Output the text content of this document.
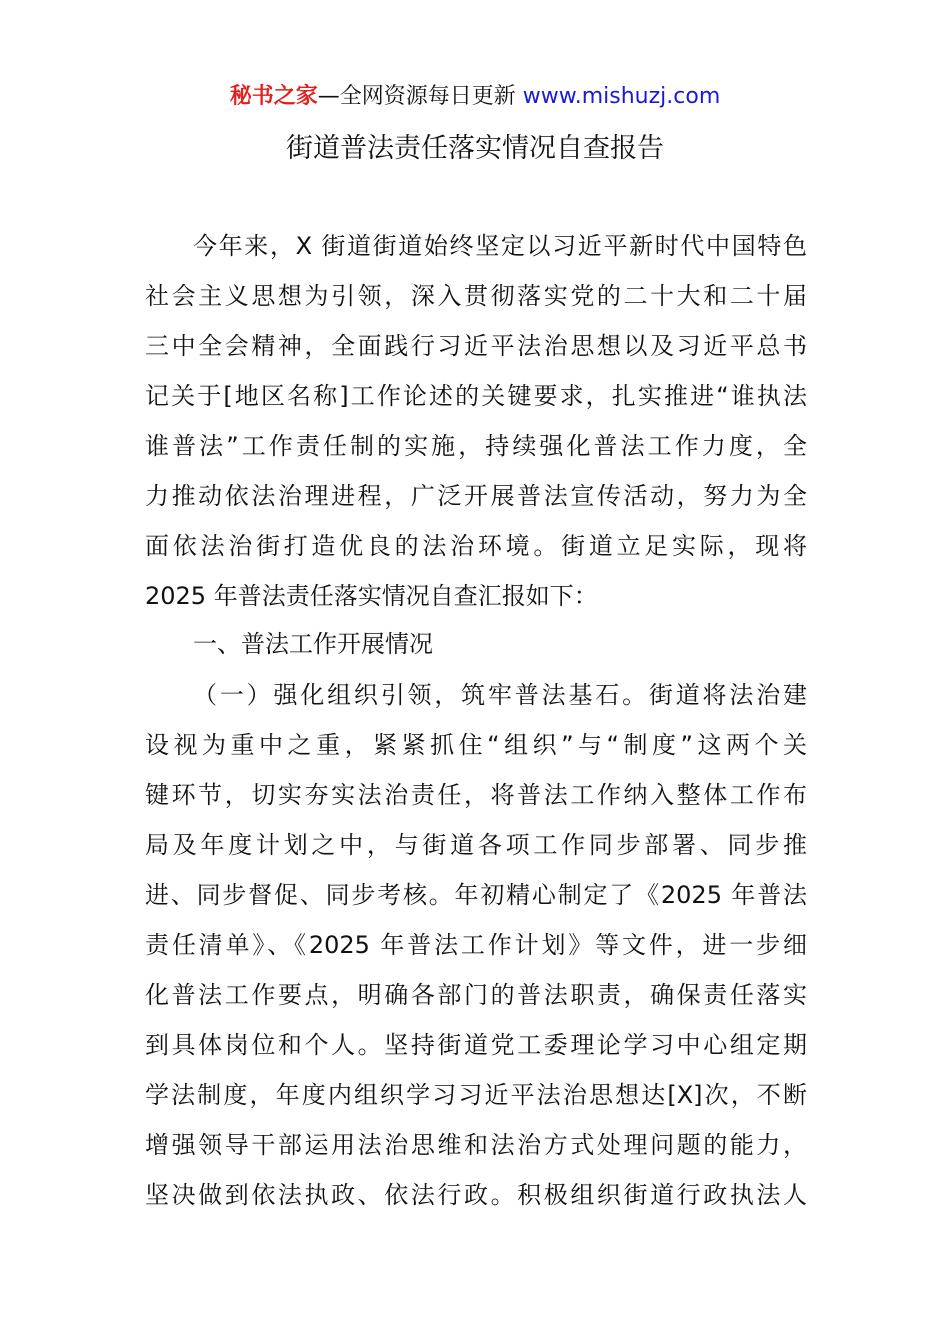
秘书之家—全网资源每日更新 www.mishuzj.com
街道普法责任落实情况自查报告
今年来，X 街道街道始终坚定以习近平新时代中国特色
社会主义思想为引领，深入贯彻落实党的二十大和二十届
三中全会精神，全面践行习近平法治思想以及习近平总书
记关于[地区名称]工作论述的关键要求，扎实推进“谁执法
谁普法”工作责任制的实施，持续强化普法工作力度，全
力推动依法治理进程，广泛开展普法宣传活动，努力为全
面依法治街打造优良的法治环境。街道立足实际，现将
2025 年普法责任落实情况自查汇报如下：
一、普法工作开展情况
（一）强化组织引领，筑牢普法基石。街道将法治建
设视为重中之重，紧紧抓住“组织”与“制度”这两个关
键环节，切实夯实法治责任，将普法工作纳入整体工作布
局及年度计划之中，与街道各项工作同步部署、同步推
进、同步督促、同步考核。年初精心制定了《2025 年普法
责任清单》、《2025 年普法工作计划》等文件，进一步细
化普法工作要点，明确各部门的普法职责，确保责任落实
到具体岗位和个人。坚持街道党工委理论学习中心组定期
学法制度，年度内组织学习习近平法治思想达[X]次，不断
增强领导干部运用法治思维和法治方式处理问题的能力，
坚决做到依法执政、依法行政。积极组织街道行政执法人
